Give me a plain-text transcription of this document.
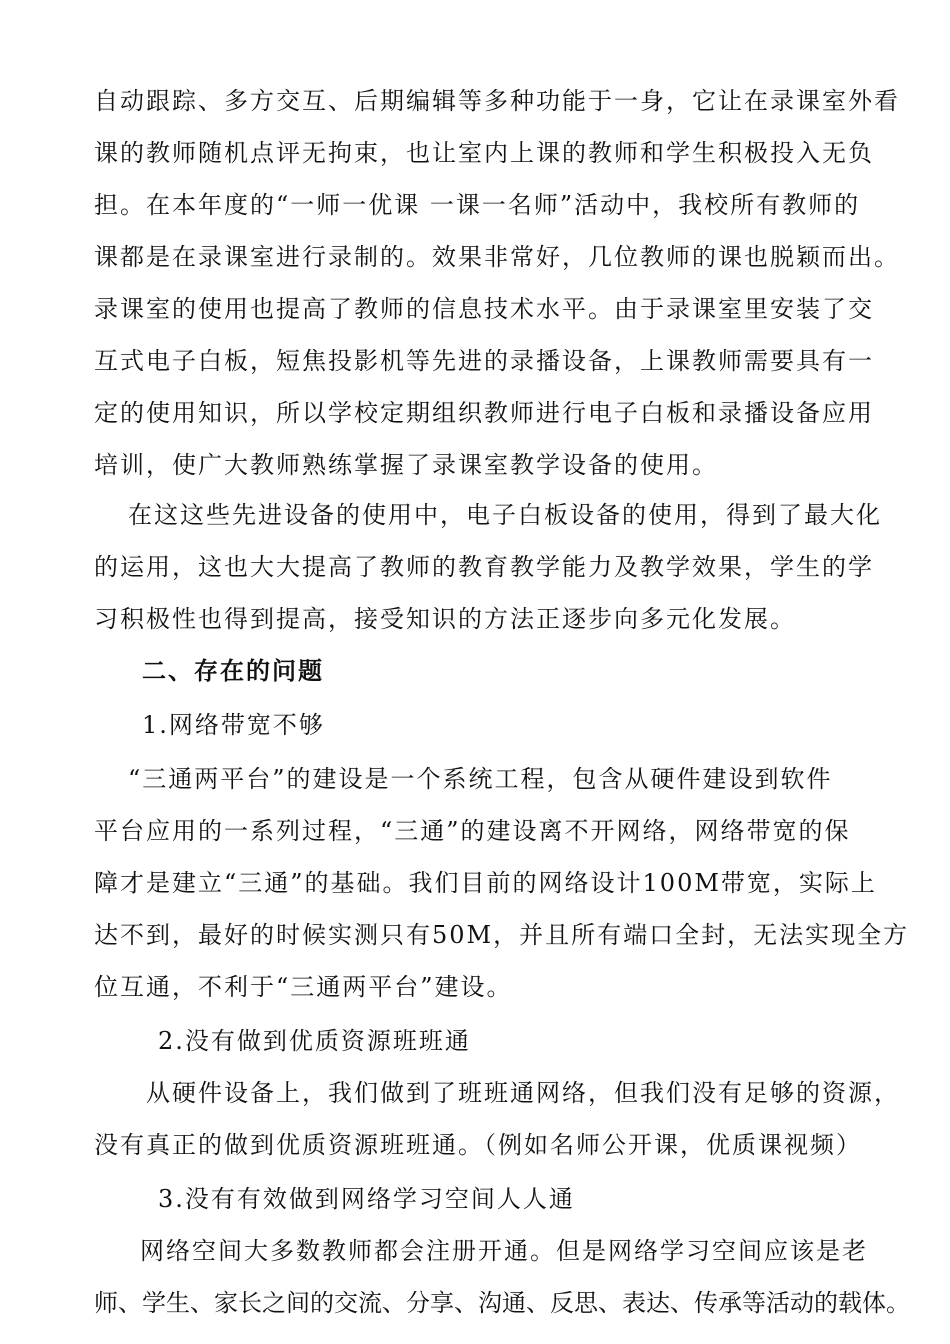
自动跟踪、多方交互、后期编辑等多种功能于一身，它让在录课室外看
课的教师随机点评无拘束，也让室内上课的教师和学生积极投入无负
担。在本年度的“一师一优课 一课一名师”活动中，我校所有教师的
课都是在录课室进行录制的。效果非常好，几位教师的课也脱颖而出。
录课室的使用也提高了教师的信息技术水平。由于录课室里安装了交
互式电子白板，短焦投影机等先进的录播设备，上课教师需要具有一
定的使用知识，所以学校定期组织教师进行电子白板和录播设备应用
培训，使广大教师熟练掌握了录课室教学设备的使用。
在这这些先进设备的使用中，电子白板设备的使用，得到了最大化
的运用，这也大大提高了教师的教育教学能力及教学效果，学生的学
习积极性也得到提高，接受知识的方法正逐步向多元化发展。
二、存在的问题
1.网络带宽不够
“三通两平台”的建设是一个系统工程，包含从硬件建设到软件
平台应用的一系列过程，“三通”的建设离不开网络，网络带宽的保
障才是建立“三通”的基础。我们目前的网络设计100M带宽，实际上
达不到，最好的时候实测只有50M，并且所有端口全封，无法实现全方
位互通，不利于“三通两平台”建设。
2.没有做到优质资源班班通
从硬件设备上，我们做到了班班通网络，但我们没有足够的资源，
没有真正的做到优质资源班班通。（例如名师公开课，优质课视频）
3.没有有效做到网络学习空间人人通
网络空间大多数教师都会注册开通。但是网络学习空间应该是老
师、学生、家长之间的交流、分享、沟通、反思、表达、传承等活动的载体。
